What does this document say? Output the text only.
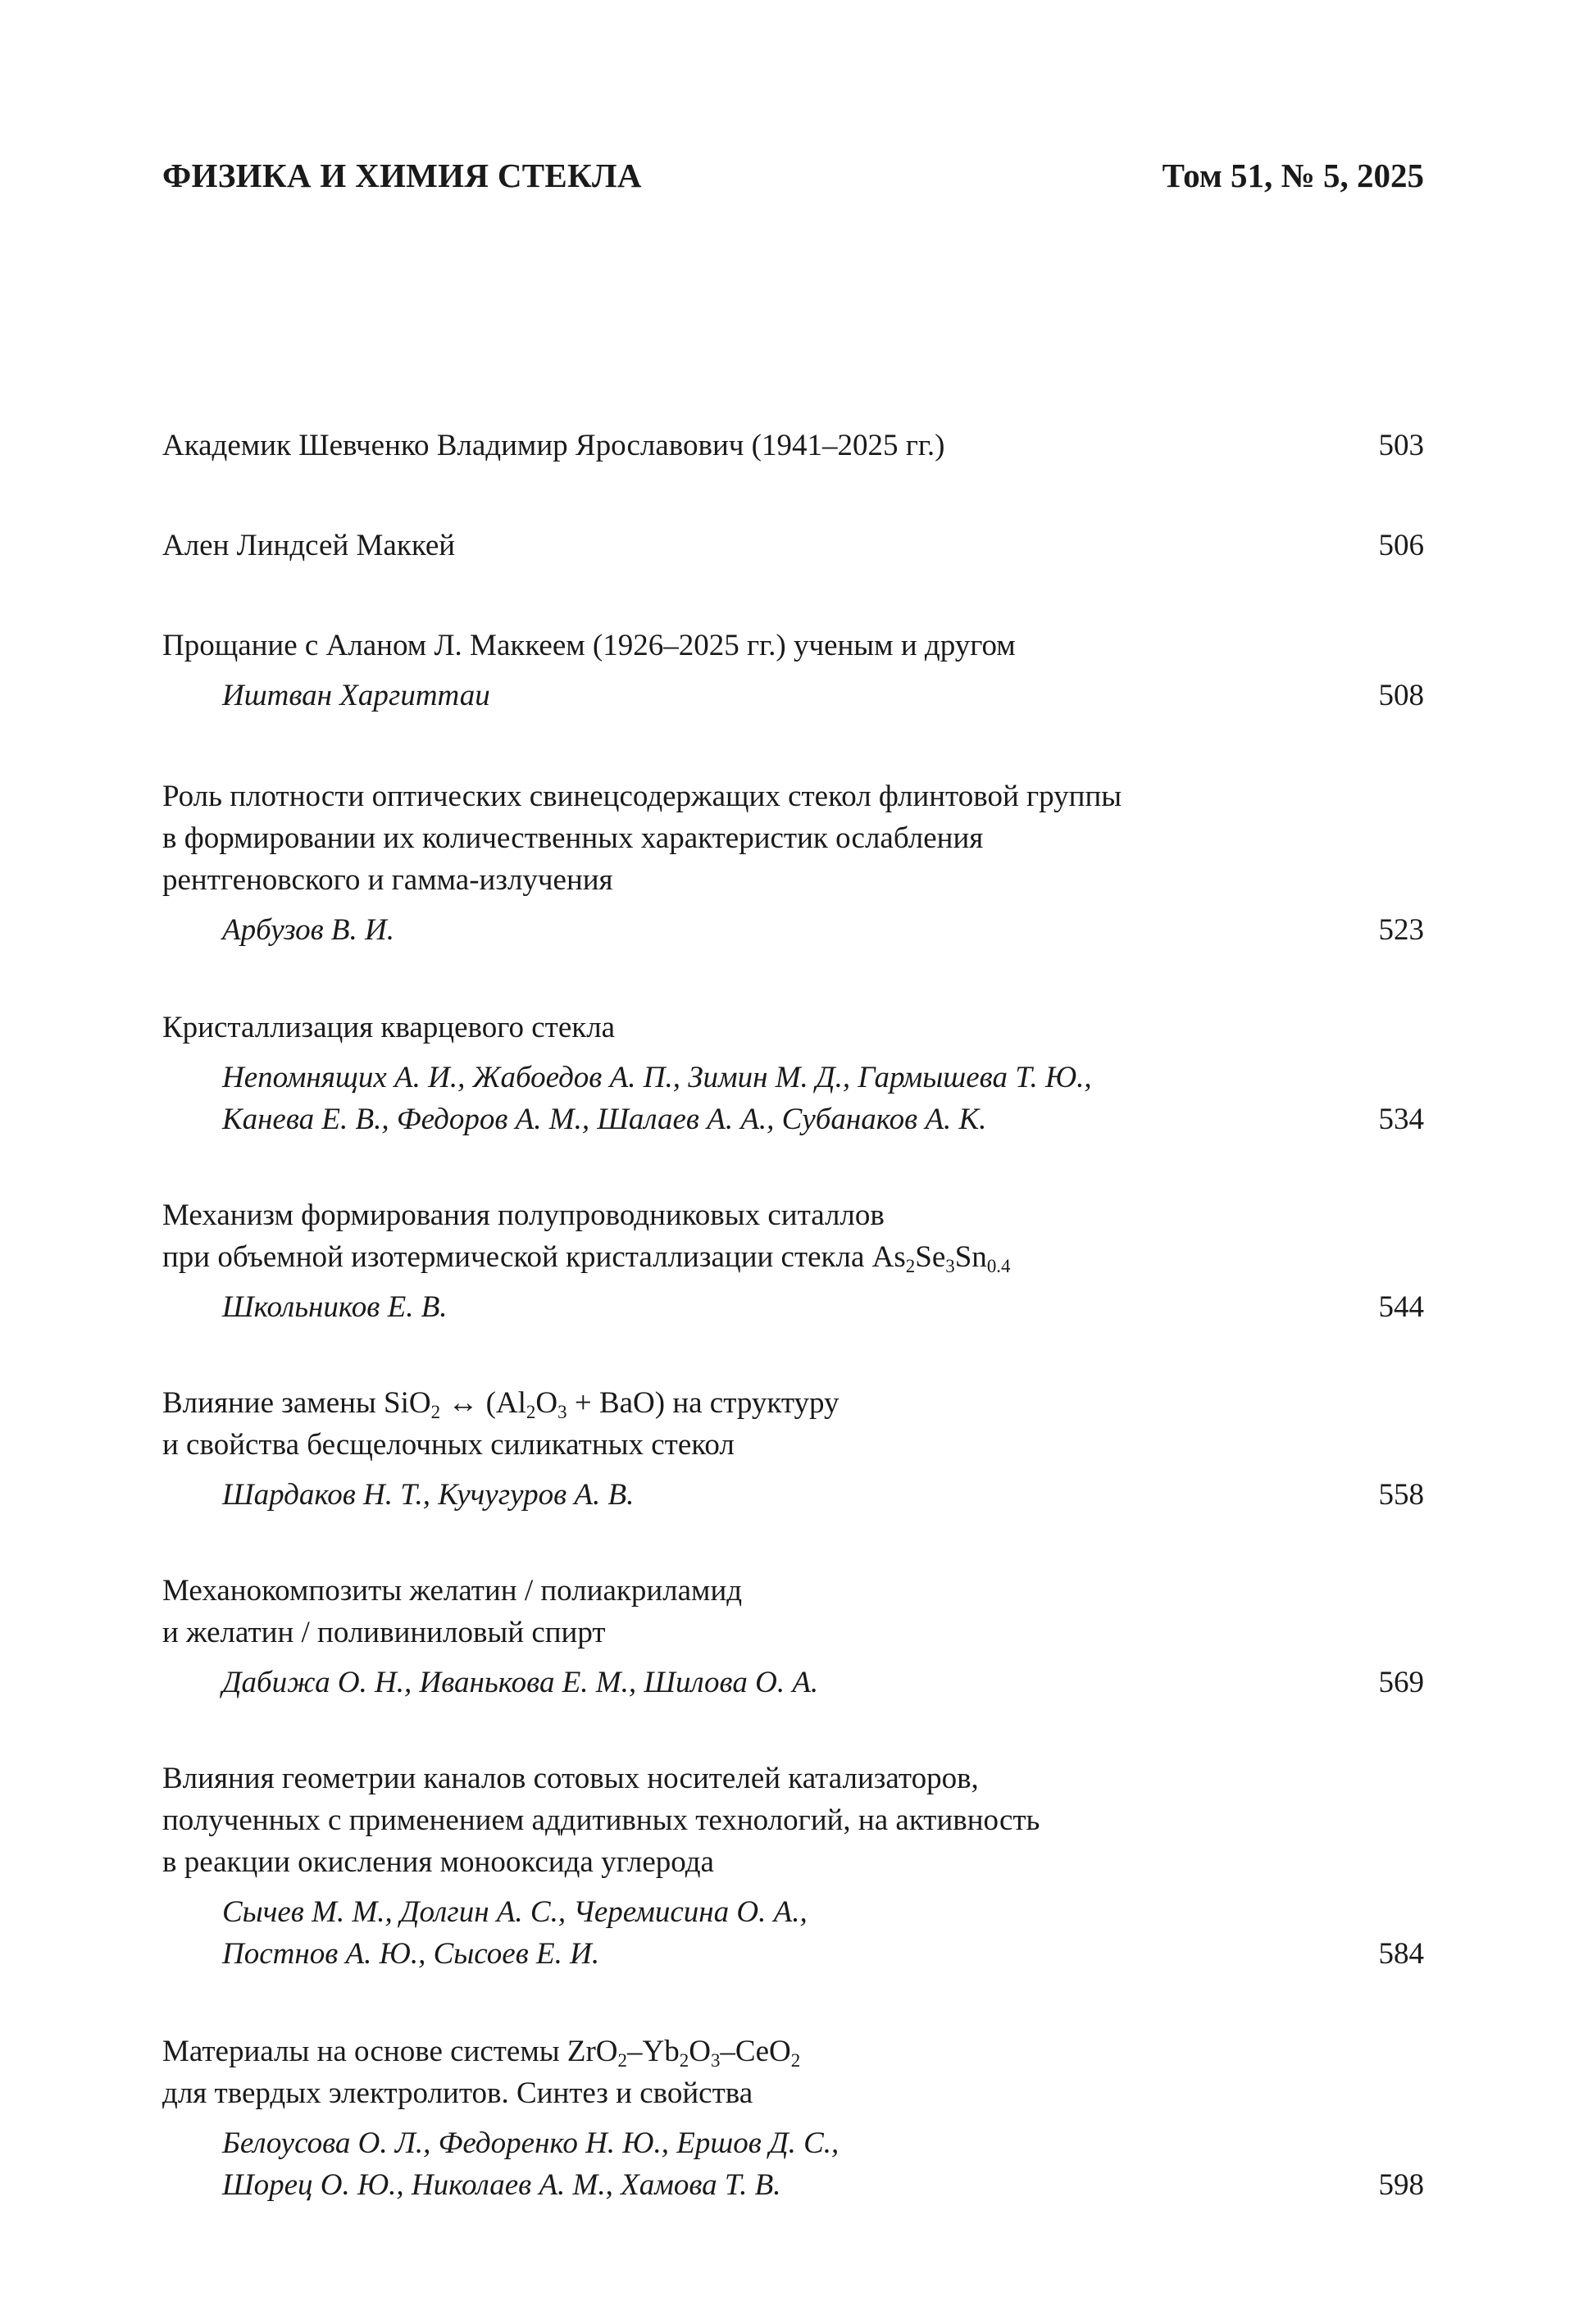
ФИЗИКА И ХИМИЯ СТЕКЛА	Том 51, № 5, 2025
Академик Шевченко Владимир Ярославович (1941–2025 гг.)	503
Ален Линдсей Маккей	506
Прощание с Аланом Л. Маккеем (1926–2025 гг.) ученым и другом
Иштван Харгиттаи	508
Роль плотности оптических свинецсодержащих стекол флинтовой группы
в формировании их количественных характеристик ослабления
рентгеновского и гамма-излучения
Арбузов В. И.	523
Кристаллизация кварцевого стекла
Непомнящих А. И., Жабоедов А. П., Зимин М. Д., Гармышева Т. Ю.,
Канева Е. В., Федоров А. М., Шалаев А. А., Субанаков А. К.	534
Механизм формирования полупроводниковых ситаллов
при объемной изотермической кристаллизации стекла $As_2Se_3Sn_{0.4}$
Школьников Е. В.	544
Влияние замены SiO$_2$ ↔ $(Al_2O_3 + BaO)$ на структуру
и свойства бесщелочных силикатных стекол
Шардаков Н. Т., Кучугуров А. В.	558
Механокомпозиты желатин / полиакриламид
и желатин / поливиниловый спирт
Дабижа О. Н., Иванькова Е. М., Шилова О. А.	569
Влияния геометрии каналов сотовых носителей катализаторов,
полученных с применением аддитивных технологий, на активность
в реакции окисления монооксида углерода
Сычев М. М., Долгин А. С., Черемисина О. А.,
Постнов А. Ю., Сысоев Е. И.	584
Материалы на основе системы $ZrO_2-Yb_2O_3-CeO_2$
для твердых электролитов. Синтез и свойства
Белоусова О. Л., Федоренко Н. Ю., Ершов Д. С.,
Шорец О. Ю., Николаев А. М., Хамова Т. В.	598
